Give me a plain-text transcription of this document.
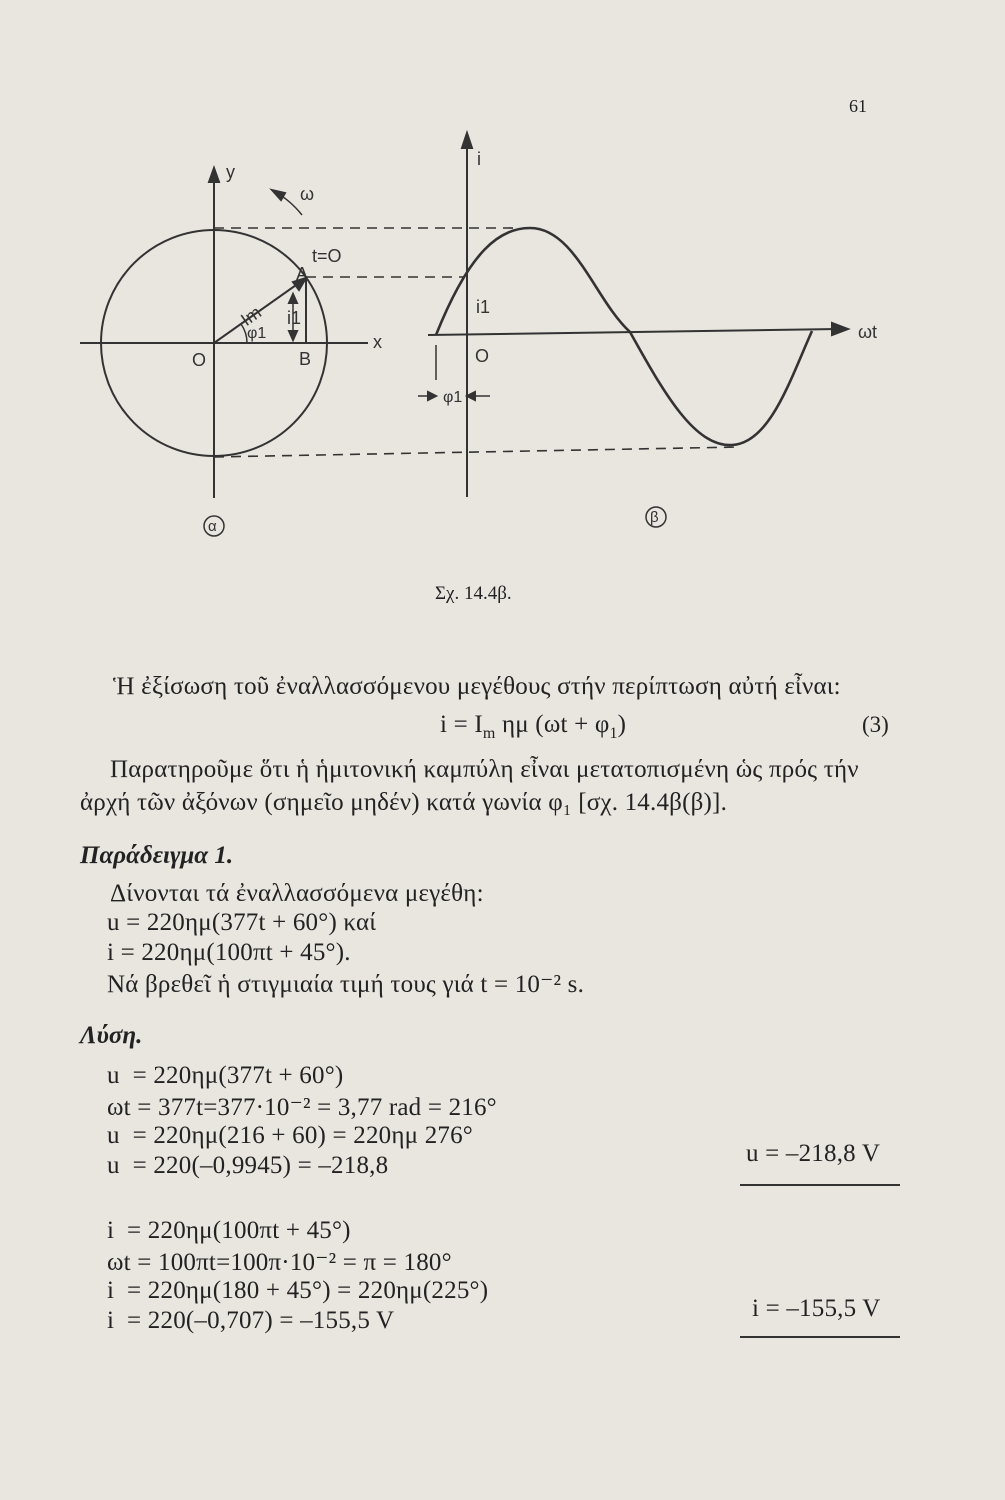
61
y
ω
t=O
A
Im i1
φ1
O	B
x
α
i
i1
O
φ1
ωt
β
Σχ. 14.4β.
Ἡ ἐξίσωση τοῦ ἐναλλασσόμενου μεγέθους στήν περίπτωση αὐτή εἶναι:
$i = I_m$ ημ $(\omega t + \varphi_1)$	(3)
Παρατηροῦμε ὅτι ἡ ἡμιτονική καμπύλη εἶναι μετατοπισμένη ὡς πρός τήν
ἀρχή τῶν ἀξόνων (σημεῖο μηδέν) κατά γωνία φ₁ [σχ. 14.4β(β)].
Παράδειγμα 1.
Δίνονται τά ἐναλλασσόμενα μεγέθη:
u = 220ημ(377t + 60°) καί
i = 220ημ(100πt + 45°).
Νά βρεθεῖ ἡ στιγμιαία τιμή τους γιά t = 10⁻² s.
Λύση.
u  = 220ημ(377t + 60°)
ωt = 377t=377·10⁻² = 3,77 rad = 216°
u  = 220ημ(216 + 60) = 220ημ 276°
u  = 220(–0,9945) = –218,8	u = –218,8 V
i  = 220ημ(100πt + 45°)
ωt = 100πt=100π·10⁻² = π = 180°
i  = 220ημ(180 + 45°) = 220ημ(225°)
i  = 220(–0,707) = –155,5 V	i = –155,5 V
